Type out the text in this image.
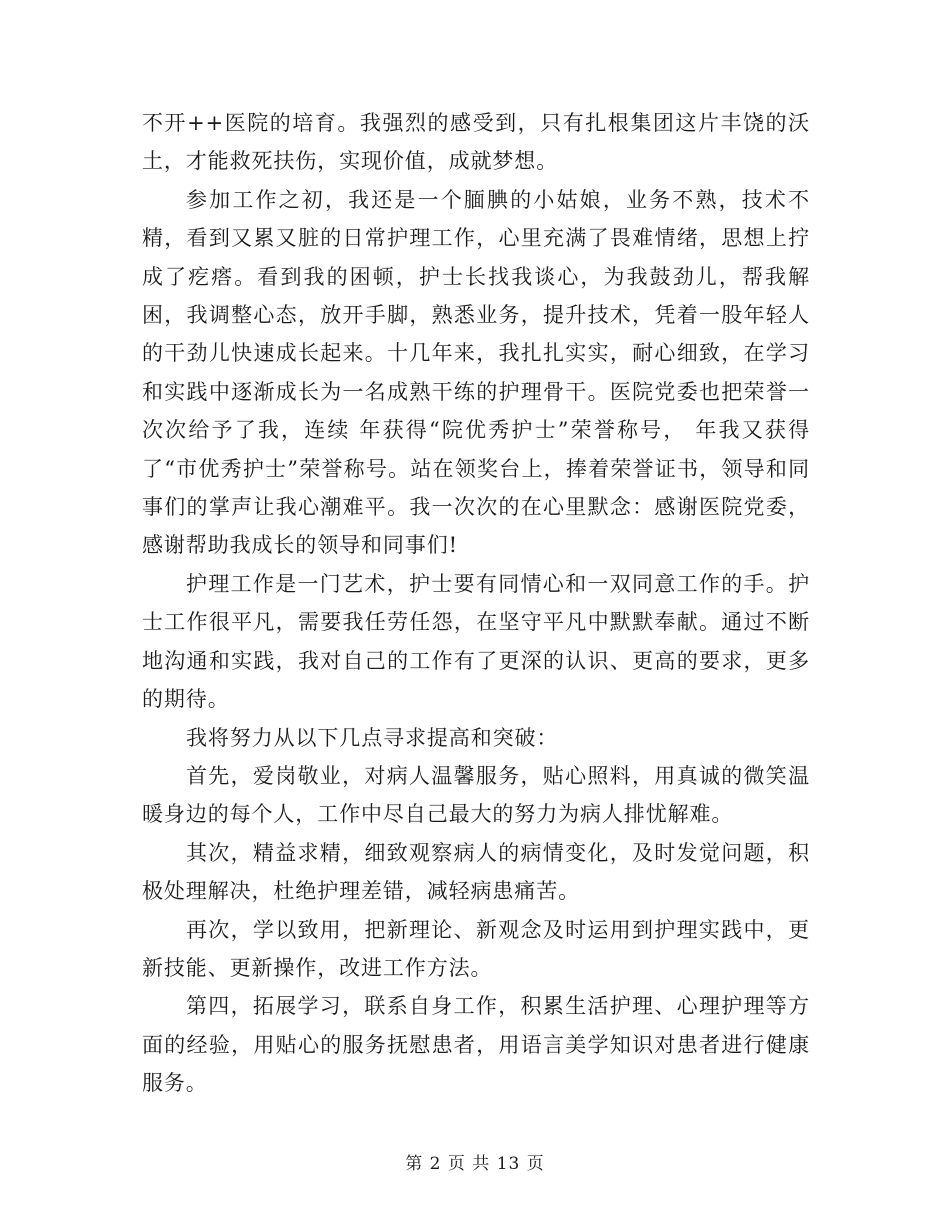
不开++医院的培育。我强烈的感受到，只有扎根集团这片丰饶的沃土，才能救死扶伤，实现价值，成就梦想。

参加工作之初，我还是一个腼腆的小姑娘，业务不熟，技术不精，看到又累又脏的日常护理工作，心里充满了畏难情绪，思想上拧成了疙瘩。看到我的困顿，护士长找我谈心，为我鼓劲儿，帮我解困，我调整心态，放开手脚，熟悉业务，提升技术，凭着一股年轻人的干劲儿快速成长起来。十几年来，我扎扎实实，耐心细致，在学习和实践中逐渐成长为一名成熟干练的护理骨干。医院党委也把荣誉一次次给予了我，连续 年获得“院优秀护士”荣誉称号， 年我又获得了“市优秀护士”荣誉称号。站在领奖台上，捧着荣誉证书，领导和同事们的掌声让我心潮难平。我一次次的在心里默念：感谢医院党委，感谢帮助我成长的领导和同事们!

护理工作是一门艺术，护士要有同情心和一双同意工作的手。护士工作很平凡，需要我任劳任怨，在坚守平凡中默默奉献。通过不断地沟通和实践，我对自己的工作有了更深的认识、更高的要求，更多的期待。

我将努力从以下几点寻求提高和突破：

首先，爱岗敬业，对病人温馨服务，贴心照料，用真诚的微笑温暖身边的每个人，工作中尽自己最大的努力为病人排忧解难。

其次，精益求精，细致观察病人的病情变化，及时发觉问题，积极处理解决，杜绝护理差错，减轻病患痛苦。

再次，学以致用，把新理论、新观念及时运用到护理实践中，更新技能、更新操作，改进工作方法。

第四，拓展学习，联系自身工作，积累生活护理、心理护理等方面的经验，用贴心的服务抚慰患者，用语言美学知识对患者进行健康服务。

第 2 页 共 13 页
